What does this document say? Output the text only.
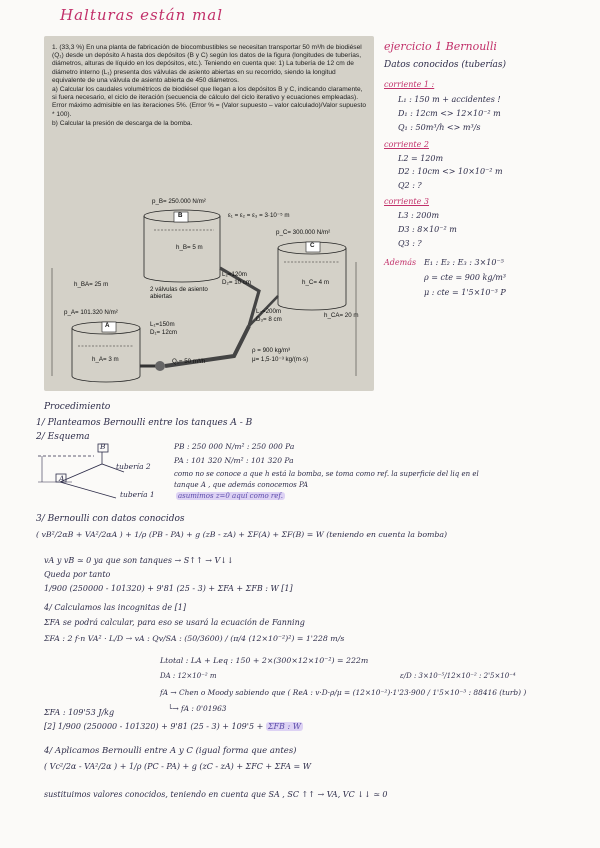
Halturas están mal

1. (33,3 %) En una planta de fabricación de biocombustibles se necesitan transportar 50 m³/h de biodiésel (Q₁) desde un depósito A hasta dos depósitos (B y C) según los datos de la figura (longitudes de tuberías, diámetros, alturas de líquido en los depósitos, etc.). Teniendo en cuenta que: 1) La tubería de 12 cm de diámetro interno (L₁) presenta dos válvulas de asiento abiertas en su recorrido, siendo la longitud equivalente de una válvula de asiento abierta de 450 diámetros.

a) Calcular los caudales volumétricos de biodiésel que llegan a los depósitos B y C, indicando claramente, si fuera necesario, el ciclo de iteración (secuencia de cálculo del ciclo iterativo y ecuaciones empleadas). Error máximo admisible en las iteraciones 5%. (Error % = (Valor supuesto – valor calculado)/Valor supuesto * 100).

b) Calcular la presión de descarga de la bomba.

p_B= 250.000 N/m²
B	ε₁ = ε₂ = ε₃ = 3·10⁻⁵ m
h_B= 5 m
p_C= 300.000 N/m²
C
h_C= 4 m
h_BA= 25 m
L₂=120m
D₂= 10 cm
2 válvulas de asiento abiertas
p_A= 101.320 N/m²
A	L₁=150m
D₁= 12cm
L₃=200m
D₃= 8 cm
h_CA= 20 m
h_A= 3 m	Q₁= 50 m³/h
ρ = 900 kg/m³
μ= 1,5·10⁻³ kg/(m·s)
ejercicio 1 Bernoulli
Datos conocidos (tuberías)
corriente 1 :
L₁ : 150 m + accidentes !
D₁ : 12cm <> 12×10⁻² m
Q₁ : 50m³/h <> m³/s
corriente 2
L2 = 120m
D2 : 10cm <> 10×10⁻² m
Q2 : ?
corriente 3
L3 : 200m
D3 : 8×10⁻² m
Q3 : ?
Además E₁ : E₂ : E₃ : 3×10⁻⁵
ρ = cte = 900 kg/m³
μ : cte = 1'5×10⁻³ P
Procedimiento
1/ Planteamos Bernoulli entre los tanques A - B
2/ Esquema
B
A
tubería 2
tubería 1
PB : 250 000 N/m² : 250 000 Pa
PA : 101 320 N/m² : 101 320 Pa
como no se conoce a que h está la bomba, se toma como ref. la superficie del liq en el
tanque A , que además conocemos PA
asumimos z=0 aquí como ref.
3/ Bernoulli con datos conocidos
( vB²/2αB + VA²/2αA ) + 1/ρ (PB - PA) + g (zB - zA) + ΣF(A) + ΣF(B) = W (teniendo en cuenta la bomba)
vA y vB ≃ 0 ya que son tanques → S↑↑ → V↓↓
Queda por tanto
1/900 (250000 - 101320) + 9'81 (25 - 3) + ΣFA + ΣFB : W [1]
4/ Calculamos las incognitas de [1]
ΣFA se podrá calcular, para eso se usará la ecuación de Fanning
ΣFA : 2 f·n VA² · L/D → vA : Qv/SA : (50/3600) / (π/4 (12×10⁻²)²) = 1'228 m/s
Ltotal : LA + Leq : 150 + 2×(300×12×10⁻²) = 222m
DA : 12×10⁻² m	ε/D : 3×10⁻⁵/12×10⁻² : 2'5×10⁻⁴
fA → Chen o Moody sabiendo que ( ReA : v·D·ρ/μ = (12×10⁻²)·1'23·900 / 1'5×10⁻³ : 88416 (turb) )
└→ fA : 0'01963
ΣFA : 109'53 J/kg
[2] 1/900 (250000 - 101320) + 9'81 (25 - 3) + 109'5 + ΣFB : W
4/ Aplicamos Bernoulli entre A y C (igual forma que antes)
( Vc²/2α - VA²/2α ) + 1/ρ (PC - PA) + g (zC - zA) + ΣFC + ΣFA = W
sustituimos valores conocidos, teniendo en cuenta que SA , SC ↑↑ → VA, VC ↓↓ ≃ 0
